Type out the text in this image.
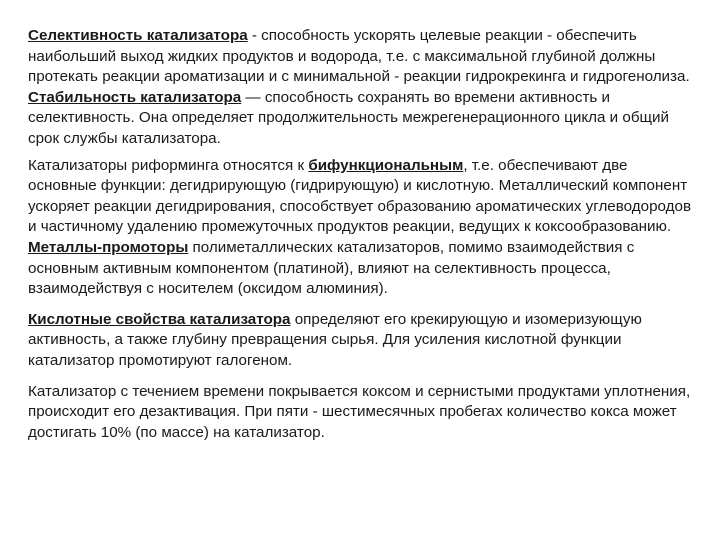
Селективность катализатора - способность ускорять целевые реакции - обеспечить наибольший выход жидких продуктов и водорода, т.е. с максимальной глубиной должны протекать реакции ароматизации и с минимальной - реакции гидрокрекинга и гидрогенолиза.

Стабильность катализатора — способность сохранять во времени активность и селективность. Она определяет продолжительность межрегенерационного цикла и общий срок службы катализатора.

Катализаторы риформинга относятся к бифункциональным, т.е. обеспечивают две основные функции: дегидрирующую (гидрирующую) и кислотную. Металлический компонент ускоряет реакции дегидрирования, способствует образованию ароматических углеводородов и частичному удалению промежуточных продуктов реакции, ведущих к коксообразованию.

Металлы-промоторы полиметаллических катализаторов, помимо взаимодействия с основным активным компонентом (платиной), влияют на селективность процесса, взаимодействуя с носителем (оксидом алюминия).

Кислотные свойства катализатора определяют его крекирующую и изомеризующую активность, а также глубину превращения сырья. Для усиления кислотной функции катализатор промотируют галогеном.

Катализатор с течением времени покрывается коксом и сернистыми продуктами уплотнения, происходит его дезактивация. При пяти - шестимесячных пробегах количество кокса может достигать 10% (по массе) на катализатор.
